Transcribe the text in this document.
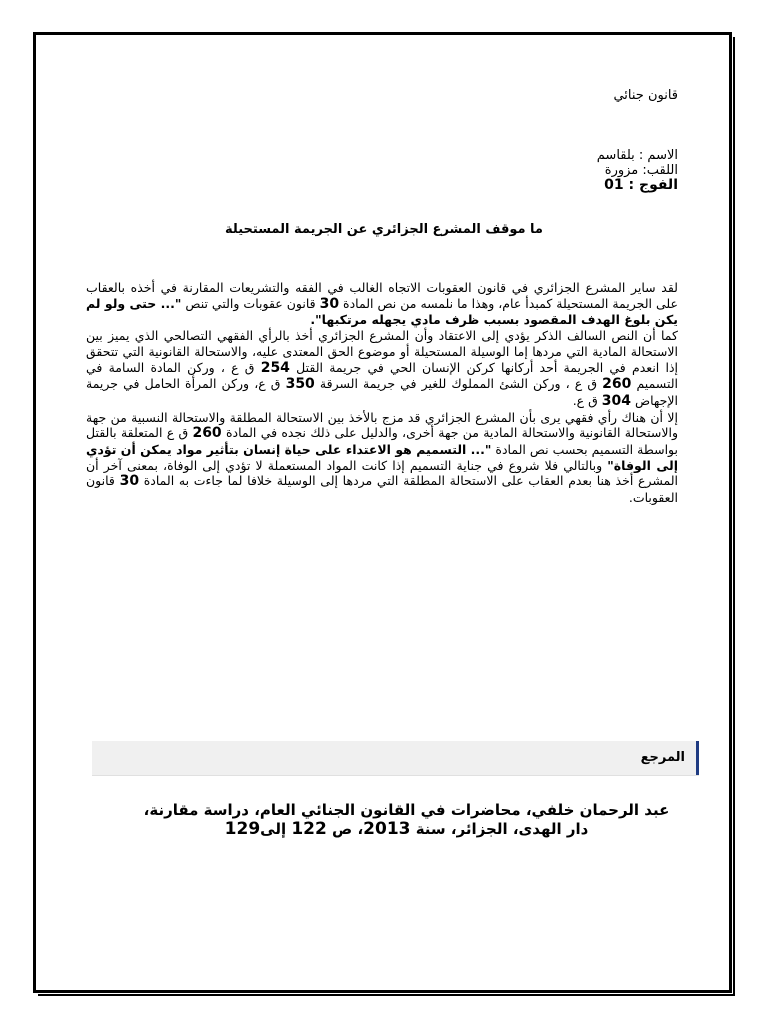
قانون جنائي
الاسم : بلقاسم
اللقب: مزورة
الفوج : 01
ما موقف المشرع الجزائري عن الجريمة المستحيلة

لقد ساير المشرع الجزائري في قانون العقوبات الاتجاه الغالب في الفقه والتشريعات المقارنة في أخذه بالعقاب على الجريمة المستحيلة كمبدأ عام، وهذا ما نلمسه من نص المادة 30 قانون عقوبات والتي تنص "... حتى ولو لم يكن بلوغ الهدف المقصود بسبب ظرف مادي يجهله مرتكبها".

كما أن النص السالف الذكر يؤدي إلى الاعتقاد وأن المشرع الجزائري أخذ بالرأي الفقهي التصالحي الذي يميز بين الاستحالة المادية التي مردها إما الوسيلة المستحيلة أو موضوع الحق المعتدى عليه، والاستحالة القانونية التي تتحقق إذا انعدم في الجريمة أحد أركانها كركن الإنسان الحي في جريمة القتل 254 ق ع ، وركن المادة السامة في التسميم 260 ق ع ، وركن الشئ المملوك للغير في جريمة السرقة 350 ق ع، وركن المرأة الحامل في جريمة الإجهاض 304 ق ع.

إلا أن هناك رأي فقهي يرى بأن المشرع الجزائري قد مزج بالأخذ بين الاستحالة المطلقة والاستحالة النسبية من جهة والاستحالة القانونية والاستحالة المادية من جهة أخرى، والدليل على ذلك نجده في المادة 260 ق ع المتعلقة بالقتل بواسطة التسميم بحسب نص المادة "... التسميم هو الاعتداء على حياة إنسان بتأثير مواد يمكن أن تؤدي إلى الوفاة" وبالتالي فلا شروع في جناية التسميم إذا كانت المواد المستعملة لا تؤدي إلى الوفاة، بمعنى آخر أن المشرع أخذ هنا بعدم العقاب على الاستحالة المطلقة التي مردها إلى الوسيلة خلافا لما جاءت به المادة 30 قانون العقوبات.

المرجع
عبد الرحمان خلفي، محاضرات في القانون الجنائي العام، دراسة مقارنة، دار الهدى، الجزائر، سنة 2013، ص 122 إلى129
